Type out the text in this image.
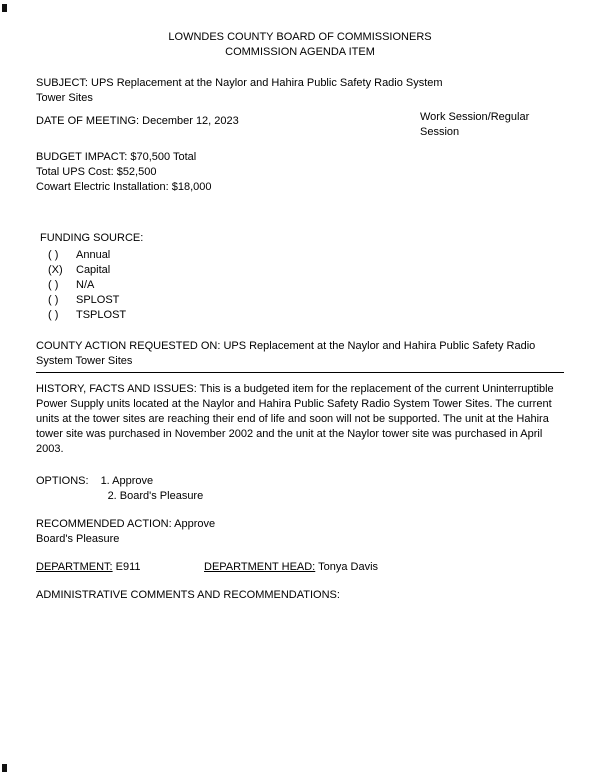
LOWNDES COUNTY BOARD OF COMMISSIONERS
COMMISSION AGENDA ITEM
SUBJECT: UPS Replacement at the Naylor and Hahira Public Safety Radio System Tower Sites
DATE OF MEETING: December 12, 2023	Work Session/Regular Session
BUDGET IMPACT: $70,500 Total
Total UPS Cost: $52,500
Cowart Electric Installation: $18,000
FUNDING SOURCE:
( )	Annual
(X)	Capital
( )	N/A
( )	SPLOST
( )	TSPLOST
COUNTY ACTION REQUESTED ON: UPS Replacement at the Naylor and Hahira Public Safety Radio System Tower Sites
HISTORY, FACTS AND ISSUES: This is a budgeted item for the replacement of the current Uninterruptible Power Supply units located at the Naylor and Hahira Public Safety Radio System Tower Sites. The current units at the tower sites are reaching their end of life and soon will not be supported. The unit at the Hahira tower site was purchased in November 2002 and the unit at the Naylor tower site was purchased in April 2003.
OPTIONS: 1. Approve
2. Board's Pleasure
RECOMMENDED ACTION: Approve
Board's Pleasure
DEPARTMENT: E911	DEPARTMENT HEAD: Tonya Davis
ADMINISTRATIVE COMMENTS AND RECOMMENDATIONS:
